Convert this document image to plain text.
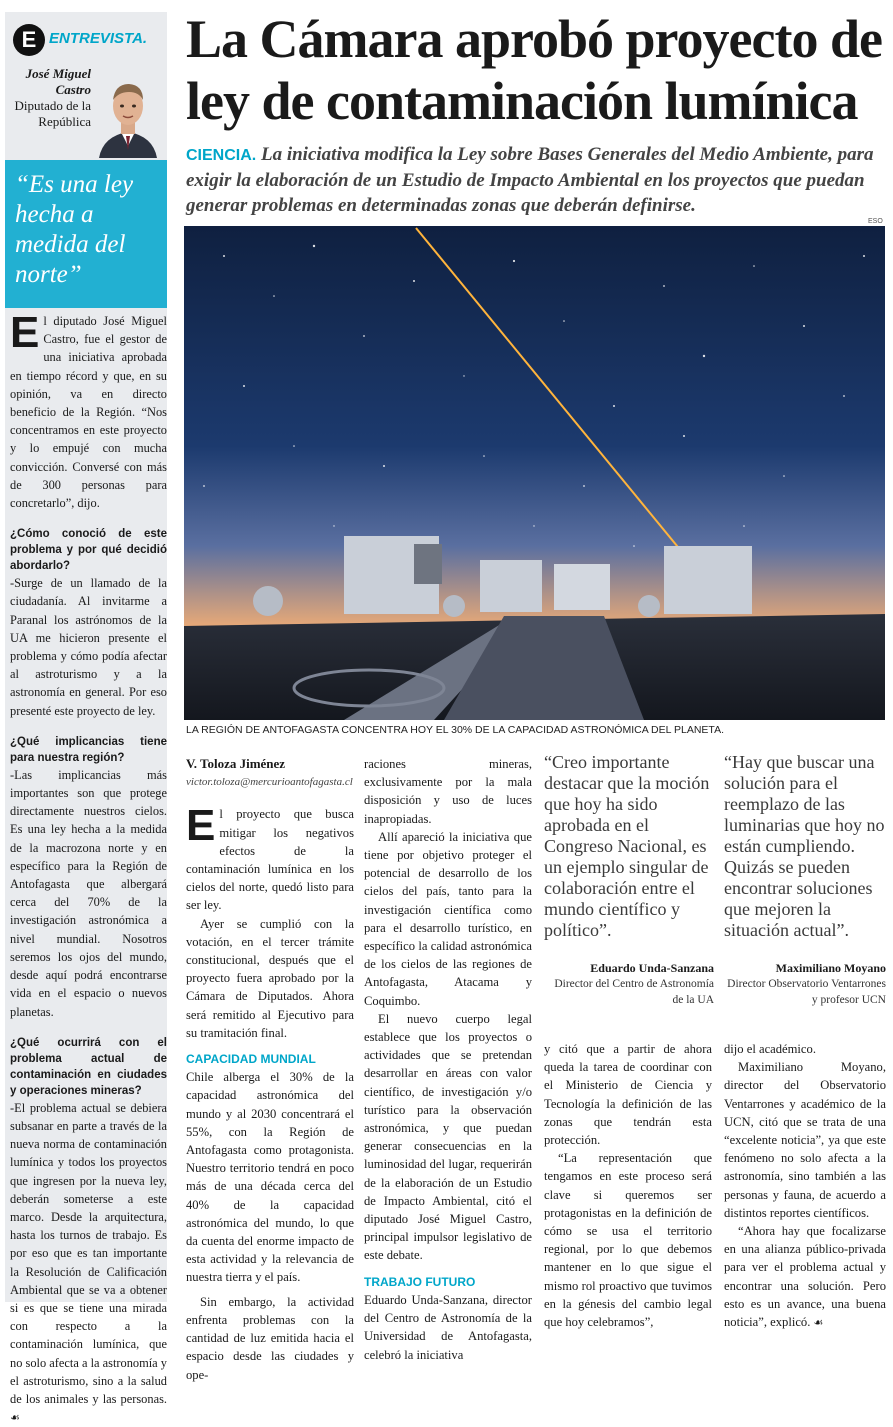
E ENTREVISTA.
José Miguel Castro
Diputado de la República

“Es una ley hecha a medida del norte”

El diputado José Miguel Castro, fue el gestor de una iniciativa aprobada en tiempo récord y que, en su opinión, va en directo beneficio de la Región. “Nos concentramos en este proyecto y lo empujé con mucha convicción. Conversé con más de 300 personas para concretarlo”, dijo.

¿Cómo conoció de este problema y por qué decidió abordarlo?

-Surge de un llamado de la ciudadanía. Al invitarme a Paranal los astrónomos de la UA me hicieron presente el problema y cómo podía afectar al astroturismo y a la astronomía en general. Por eso presenté este proyecto de ley.

¿Qué implicancias tiene para nuestra región?

-Las implicancias más importantes son que protege directamente nuestros cielos. Es una ley hecha a la medida de la macrozona norte y en específico para la Región de Antofagasta que albergará cerca del 70% de la investigación astronómica a nivel mundial. Nosotros seremos los ojos del mundo, desde aquí podrá encontrarse vida en el espacio o nuevos planetas.

¿Qué ocurrirá con el problema actual de contaminación en ciudades y operaciones mineras?

-El problema actual se debiera subsanar en parte a través de la nueva norma de contaminación lumínica y todos los proyectos que ingresen por la nueva ley, deberán someterse a este marco. Desde la arquitectura, hasta los turnos de trabajo. Es por eso que es tan importante la Resolución de Calificación Ambiental que se va a obtener si es que se tiene una mirada con respecto a la contaminación lumínica, que no solo afecta a la astronomía y el astroturismo, sino a la salud de los animales y las personas. ☙

La Cámara aprobó proyecto de ley de contaminación lumínica

CIENCIA. La iniciativa modifica la Ley sobre Bases Generales del Medio Ambiente, para exigir la elaboración de un Estudio de Impacto Ambiental en los proyectos que puedan generar problemas en determinadas zonas que deberán definirse.

ESO
LA REGIÓN DE ANTOFAGASTA CONCENTRA HOY EL 30% DE LA CAPACIDAD ASTRONÓMICA DEL PLANETA.

V. Toloza Jiménez

victor.toloza@mercurioantofagasta.cl

El proyecto que busca mitigar los negativos efectos de la contaminación lumínica en los cielos del norte, quedó listo para ser ley.

Ayer se cumplió con la votación, en el tercer trámite constitucional, después que el proyecto fuera aprobado por la Cámara de Diputados. Ahora será remitido al Ejecutivo para su tramitación final.

CAPACIDAD MUNDIAL

Chile alberga el 30% de la capacidad astronómica del mundo y al 2030 concentrará el 55%, con la Región de Antofagasta como protagonista. Nuestro territorio tendrá en poco más de una década cerca del 40% de la capacidad astronómica del mundo, lo que da cuenta del enorme impacto de esta actividad y la relevancia de nuestra tierra y el país.

Sin embargo, la actividad enfrenta problemas con la cantidad de luz emitida hacia el espacio desde las ciudades y ope-

raciones mineras, exclusivamente por la mala disposición y uso de luces inapropiadas.

Allí apareció la iniciativa que tiene por objetivo proteger el potencial de desarrollo de los cielos del país, tanto para la investigación científica como para el desarrollo turístico, en específico la calidad astronómica de los cielos de las regiones de Antofagasta, Atacama y Coquimbo.

El nuevo cuerpo legal establece que los proyectos o actividades que se pretendan desarrollar en áreas con valor científico, de investigación y/o turístico para la observación astronómica, y que puedan generar consecuencias en la luminosidad del lugar, requerirán de la elaboración de un Estudio de Impacto Ambiental, citó el diputado José Miguel Castro, principal impulsor legislativo de este debate.

TRABAJO FUTURO

Eduardo Unda-Sanzana, director del Centro de Astronomía de la Universidad de Antofagasta, celebró la iniciativa

“Creo importante destacar que la moción que hoy ha sido aprobada en el Congreso Nacional, es un ejemplo singular de colaboración entre el mundo científico y político”.

Eduardo Unda-Sanzana

Director del Centro de Astronomía de la UA

“Hay que buscar una solución para el reemplazo de las luminarias que hoy no están cumpliendo. Quizás se pueden encontrar soluciones que mejoren la situación actual”.

Maximiliano Moyano

Director Observatorio Ventarrones y profesor UCN

y citó que a partir de ahora queda la tarea de coordinar con el Ministerio de Ciencia y Tecnología la definición de las zonas que tendrán esta protección.

“La representación que tengamos en este proceso será clave si queremos ser protagonistas en la definición de cómo se usa el territorio regional, por lo que debemos mantener en lo que sigue el mismo rol proactivo que tuvimos en la génesis del cambio legal que hoy celebramos”,

dijo el académico.

Maximiliano Moyano, director del Observatorio Ventarrones y académico de la UCN, citó que se trata de una “excelente noticia”, ya que este fenómeno no solo afecta a la astronomía, sino también a las personas y fauna, de acuerdo a distintos reportes científicos.

“Ahora hay que focalizarse en una alianza público-privada para ver el problema actual y encontrar una solución. Pero esto es un avance, una buena noticia”, explicó. ☙
